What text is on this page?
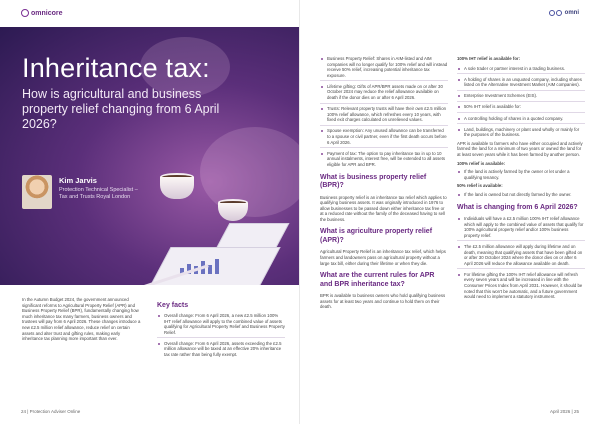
omnicore
Inheritance tax:
How is agricultural and business property relief changing from 6 April 2026?
Kim Jarvis
Protection Technical Specialist – Tax and Trusts Royal London
In the Autumn Budget 2024, the government announced significant reforms to Agricultural Property Relief (APR) and Business Property Relief (BPR), fundamentally changing how much inheritance tax many farmers, business owners and trustees will pay from 6 April 2026. These changes introduce a new £2.5 million relief allowance, reduce relief on certain assets and alter trust and gifting rules, making early inheritance tax planning more important than ever.
Key facts
Overall change: From 6 April 2026, a new £2.5 million 100% IHT relief allowance will apply to the combined value of assets qualifying for Agricultural Property Relief and Business Property Relief.
Overall change: From 6 April 2026, assets exceeding the £2.5 million allowance will be taxed at an effective 20% inheritance tax rate rather than being fully exempt.
24 | Protection Adviser Online
omni
Business Property Relief: Shares in AIM-listed and AIM companies will no longer qualify for 100% relief and will instead receive 50% relief, increasing potential inheritance tax exposure.
Lifetime gifting: Gifts of APR/BPR assets made on or after 30 October 2024 may reduce the relief allowance available on death if the donor dies on or after 6 April 2026.
Trusts: Relevant property trusts will have their own £2.5 million 100% relief allowance, which refreshes every 10 years, with fixed exit charges calculated on unrelieved values.
Spouse exemption: Any unused allowance can be transferred to a spouse or civil partner, even if the first death occurs before 6 April 2026.
Payment of tax: The option to pay inheritance tax in up to 10 annual instalments, interest free, will be extended to all assets eligible for APR and BPR.
What is business property relief (BPR)?
Business property relief is an inheritance tax relief which applies to qualifying business assets. It was originally introduced in 1976 to allow businesses to be passed down either inheritance tax free or at a reduced rate without the family of the deceased having to sell the business.
What is agriculture property relief (APR)?
Agricultural Property Relief is an inheritance tax relief, which helps farmers and landowners pass on agricultural property without a large tax bill, either during their lifetime or when they die.
What are the current rules for APR and BPR inheritance tax?
BPR is available to business owners who hold qualifying business assets for at least two years and continue to hold them on their death.
100% IHT relief is available for:
A sole trader or partner interest in a trading business.
A holding of shares in an unquoted company, including shares listed on the Alternative Investment Market (AIM companies).
Enterprise Investment Schemes (EIS).
50% IHT relief is available for:
A controlling holding of shares in a quoted company.
Land, buildings, machinery or plant used wholly or mainly for the purposes of the business.
APR is available to farmers who have either occupied and actively farmed the land for a minimum of two years or owned the land for at least seven years while it has been farmed by another person.
100% relief is available:
If the land is actively farmed by the owner or let under a qualifying tenancy.
50% relief is available:
If the land is owned but not directly farmed by the owner.
What is changing from 6 April 2026?
Individuals will have a £2.5 million 100% IHT relief allowance which will apply to the combined value of assets that qualify for 100% agricultural property relief and/or 100% business property relief.
The £2.5 million allowance will apply during lifetime and on death, meaning that qualifying assets that have been gifted on or after 30 October 2024 where the donor dies on or after 6 April 2026 will reduce the allowance available on death.
For lifetime gifting the 100% IHT relief allowance will refresh every seven years and will be increased in line with the Consumer Prices Index from April 2031. However, it should be noted that this won't be automatic, and a future government would need to implement a statutory instrument.
April 2026 | 25
